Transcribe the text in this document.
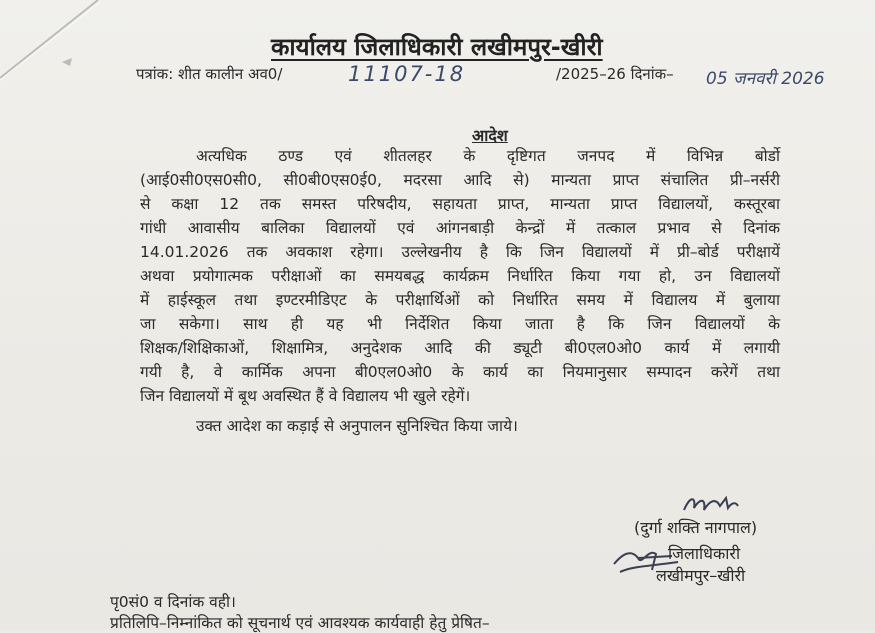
कार्यालय जिलाधिकारी लखीमपुर-खीरी
पत्रांक: शीत कालीन अव0/	11107-18	/2025–26 दिनांक– 05 जनवरी 2026
आदेश
अत्यधिक ठण्ड एवं शीतलहर के दृष्टिगत जनपद में विभिन्न बोर्डो
(आई0सी0एस0सी0, सी0बी0एस0ई0, मदरसा आदि से) मान्यता प्राप्त संचालित प्री–नर्सरी
से कक्षा 12 तक समस्त परिषदीय, सहायता प्राप्त, मान्यता प्राप्त विद्यालयों, कस्तूरबा
गांधी आवासीय बालिका विद्यालयों एवं आंगनबाड़ी केन्द्रों में तत्काल प्रभाव से दिनांक
14.01.2026 तक अवकाश रहेगा। उल्लेखनीय है कि जिन विद्यालयों में प्री–बोर्ड परीक्षायें
अथवा प्रयोगात्मक परीक्षाओं का समयबद्ध कार्यक्रम निर्धारित किया गया हो, उन विद्यालयों
में हाईस्कूल तथा इण्टरमीडिएट के परीक्षार्थिओं को निर्धारित समय में विद्यालय में बुलाया
जा सकेगा। साथ ही यह भी निर्देशित किया जाता है कि जिन विद्यालयों के
शिक्षक/शिक्षिकाओं, शिक्षामित्र, अनुदेशक आदि की ड्यूटी बी0एल0ओ0 कार्य में लगायी
गयी है, वे कार्मिक अपना बी0एल0ओ0 के कार्य का नियमानुसार सम्पादन करेगें तथा
जिन विद्यालयों में बूथ अवस्थित हैं वे विद्यालय भी खुले रहेगें।
उक्त आदेश का कड़ाई से अनुपालन सुनिश्चित किया जाये।
(दुर्गा शक्ति नागपाल)
जिलाधिकारी
लखीमपुर–खीरी
पृ0सं0 व दिनांक वही।
प्रतिलिपि–निम्नांकित को सूचनार्थ एवं आवश्यक कार्यवाही हेतु प्रेषित–
